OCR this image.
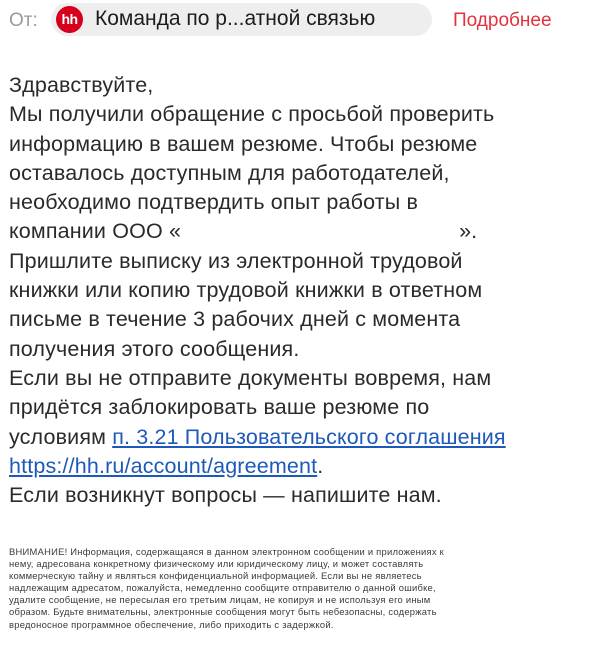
От:	hh Команда по р...атной связью	Подробнее
Здравствуйте,
Мы получили обращение с просьбой проверить
информацию в вашем резюме. Чтобы резюме
оставалось доступным для работодателей,
необходимо подтвердить опыт работы в
компании ООО «	».
Пришлите выписку из электронной трудовой
книжки или копию трудовой книжки в ответном
письме в течение 3 рабочих дней с момента
получения этого сообщения.
Если вы не отправите документы вовремя, нам
придётся заблокировать ваше резюме по
условиям п. 3.21 Пользовательского соглашения
https://hh.ru/account/agreement.
Если возникнут вопросы — напишите нам.
ВНИМАНИЕ! Информация, содержащаяся в данном электронном сообщении и приложениях к
нему, адресована конкретному физическому или юридическому лицу, и может составлять
коммерческую тайну и являться конфиденциальной информацией. Если вы не являетесь
надлежащим адресатом, пожалуйста, немедленно сообщите отправителю о данной ошибке,
удалите сообщение, не пересылая его третьим лицам, не копируя и не используя его иным
образом. Будьте внимательны, электронные сообщения могут быть небезопасны, содержать
вредоносное программное обеспечение, либо приходить с задержкой.
